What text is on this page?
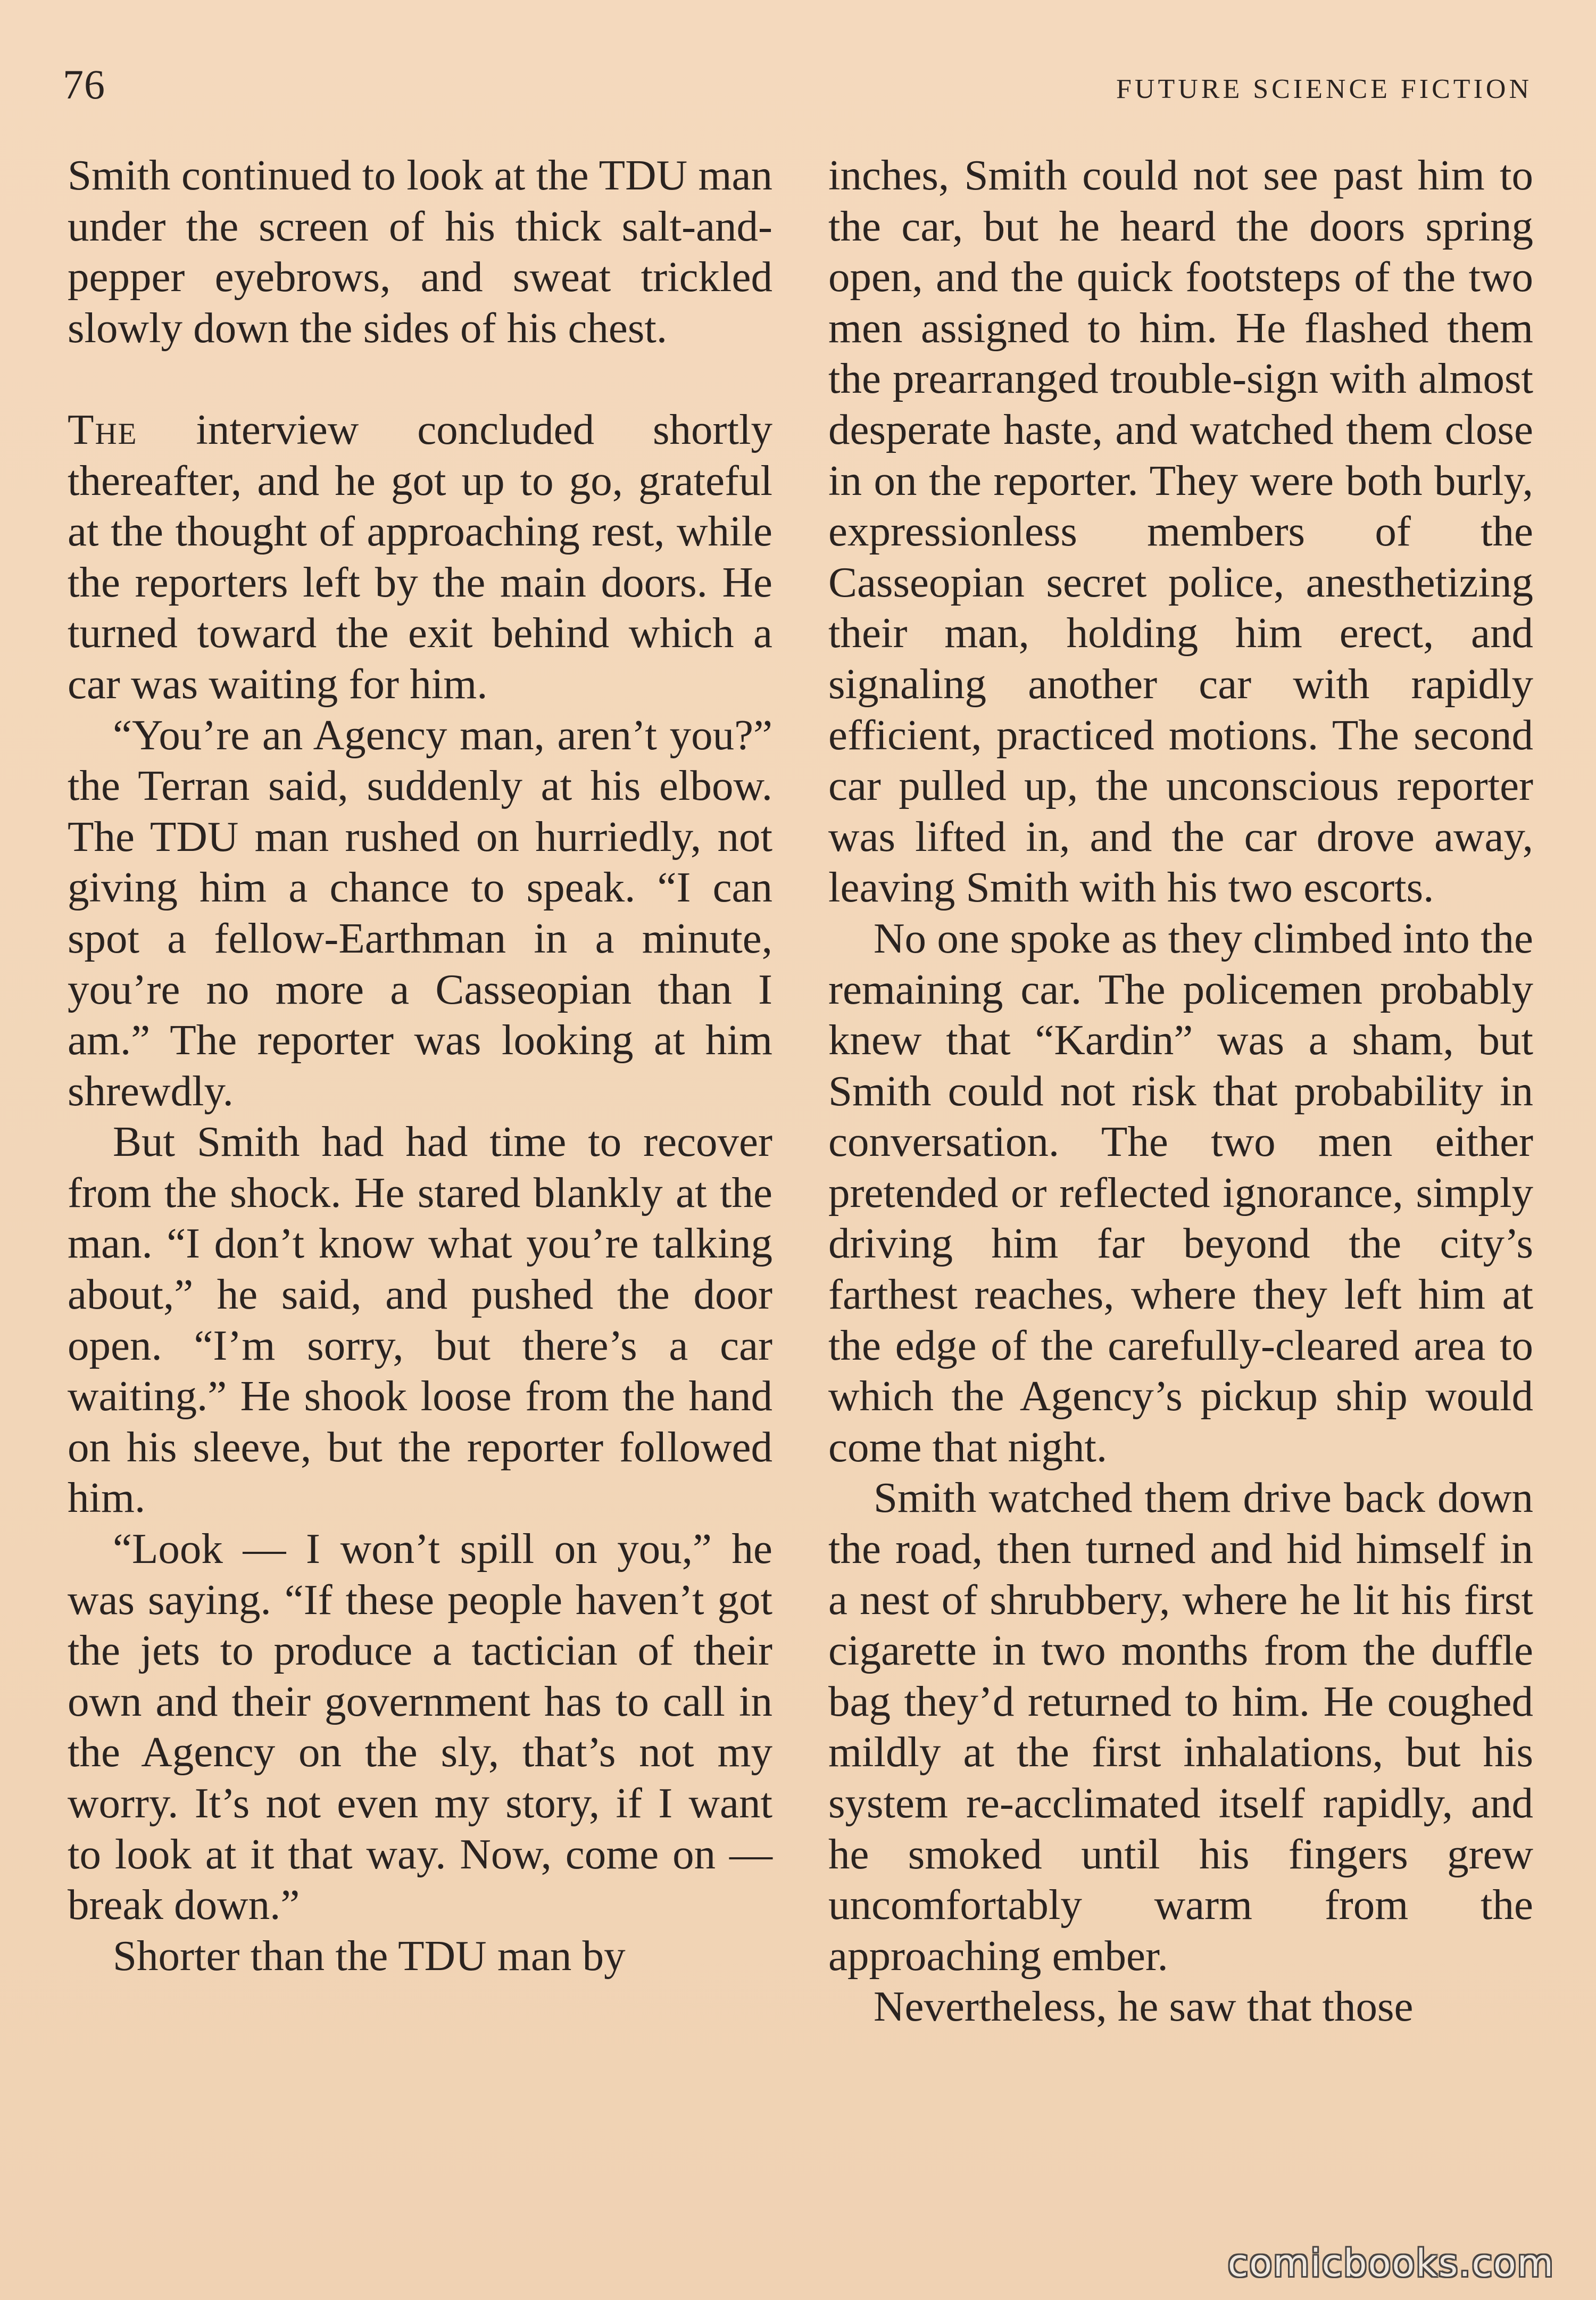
76	FUTURE SCIENCE FICTION

Smith continued to look at the TDU man under the screen of his thick salt-and-pepper eyebrows, and sweat trickled slowly down the sides of his chest.

The interview concluded shortly thereafter, and he got up to go, grateful at the thought of approaching rest, while the reporters left by the main doors. He turned toward the exit behind which a car was waiting for him.

“You’re an Agency man, aren’t you?” the Terran said, suddenly at his elbow. The TDU man rushed on hurriedly, not giving him a chance to speak. “I can spot a fellow-Earthman in a minute, you’re no more a Casseopian than I am.” The reporter was looking at him shrewdly.

But Smith had had time to recover from the shock. He stared blankly at the man. “I don’t know what you’re talking about,” he said, and pushed the door open. “I’m sorry, but there’s a car waiting.” He shook loose from the hand on his sleeve, but the reporter followed him.

“Look — I won’t spill on you,” he was saying. “If these people haven’t got the jets to produce a tactician of their own and their government has to call in the Agency on the sly, that’s not my worry. It’s not even my story, if I want to look at it that way. Now, come on — break down.”

Shorter than the TDU man by

inches, Smith could not see past him to the car, but he heard the doors spring open, and the quick footsteps of the two men assigned to him. He flashed them the prearranged trouble-sign with almost desperate haste, and watched them close in on the reporter. They were both burly, expressionless members of the Casseopian secret police, anesthetizing their man, holding him erect, and signaling another car with rapidly efficient, practiced motions. The second car pulled up, the unconscious reporter was lifted in, and the car drove away, leaving Smith with his two escorts.

No one spoke as they climbed into the remaining car. The policemen probably knew that “Kardin” was a sham, but Smith could not risk that probability in conversation. The two men either pretended or reflected ignorance, simply driving him far beyond the city’s farthest reaches, where they left him at the edge of the carefully-cleared area to which the Agency’s pickup ship would come that night.

Smith watched them drive back down the road, then turned and hid himself in a nest of shrubbery, where he lit his first cigarette in two months from the duffle bag they’d returned to him. He coughed mildly at the first inhalations, but his system re-acclimated itself rapidly, and he smoked until his fingers grew uncomfortably warm from the approaching ember.

Nevertheless, he saw that those

comicbooks.com
